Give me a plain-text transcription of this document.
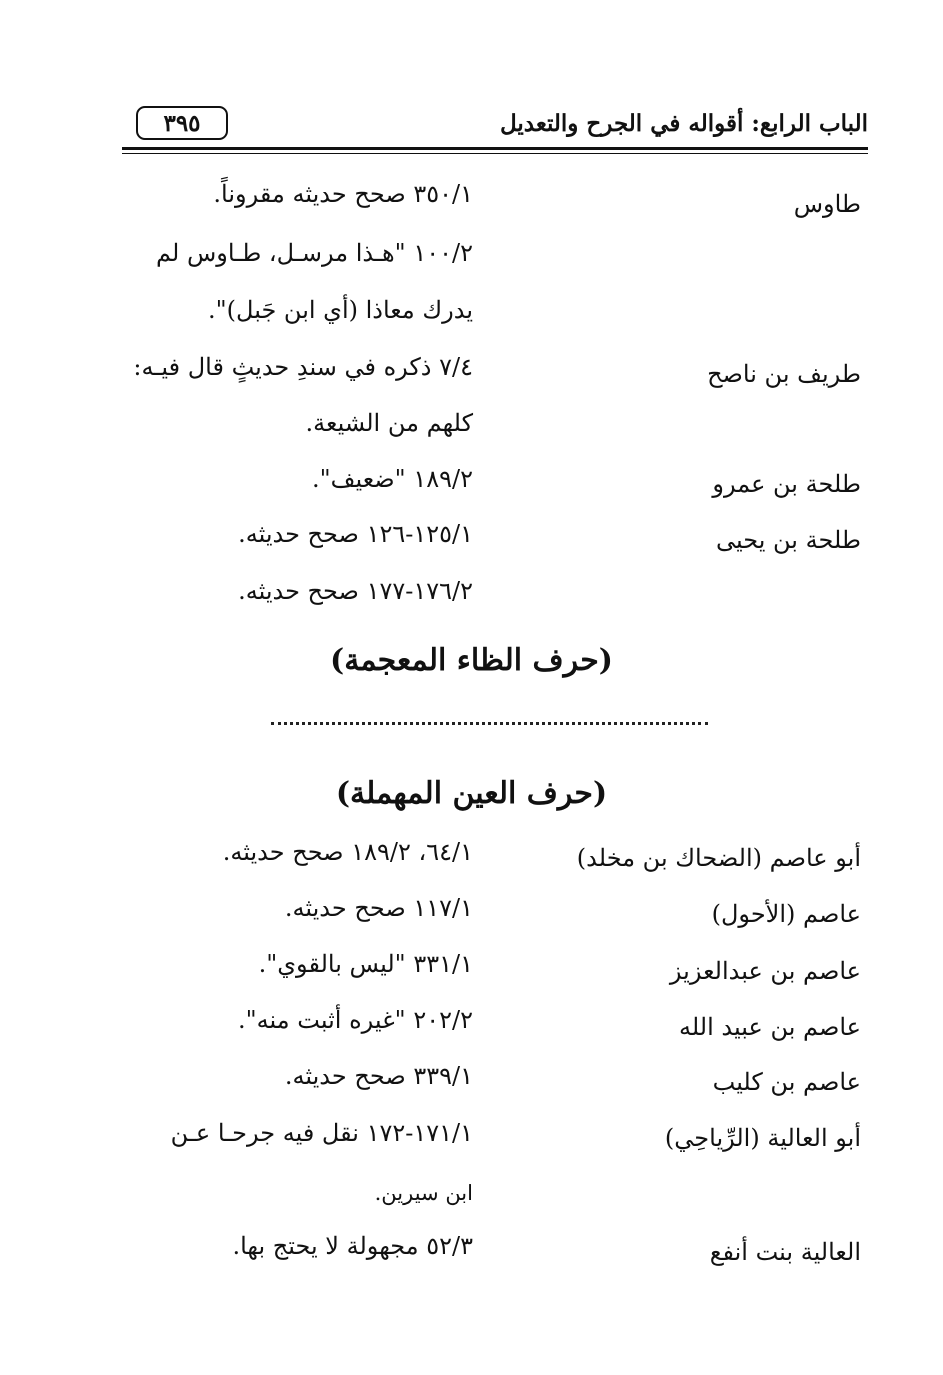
الباب الرابع: أقواله في الجرح والتعديل
٣٩٥
طاوس
٣٥٠/١ صحح حديثه مقروناً.
١٠٠/٢ "هـذا مرسـل، طـاوس لم
يدرك معاذا (أي ابن جَبل)".
طريف بن ناصح
٧/٤ ذكره في سندِ حديثٍ قال فيـه:
كلهم من الشيعة.
طلحة بن عمرو
١٨٩/٢ "ضعيف".
طلحة بن يحيى
١٢٥/١-١٢٦ صحح حديثه.
١٧٦/٢-١٧٧ صحح حديثه.
(حرف الظاء المعجمة)
(حرف العين المهملة)
أبو عاصم (الضحاك بن مخلد)
٦٤/١، ١٨٩/٢ صحح حديثه.
عاصم (الأحول)
١١٧/١ صحح حديثه.
عاصم بن عبدالعزيز
٣٣١/١ "ليس بالقوي".
عاصم بن عبيد الله
٢٠٢/٢ "غيره أثبت منه".
عاصم بن كليب
٣٣٩/١ صحح حديثه.
أبو العالية (الرِّياحِي)
١٧١/١-١٧٢ نقل فيه جرحـا عـن
ابن سيرين.
العالية بنت أنفع
٥٢/٣ مجهولة لا يحتج بها.
